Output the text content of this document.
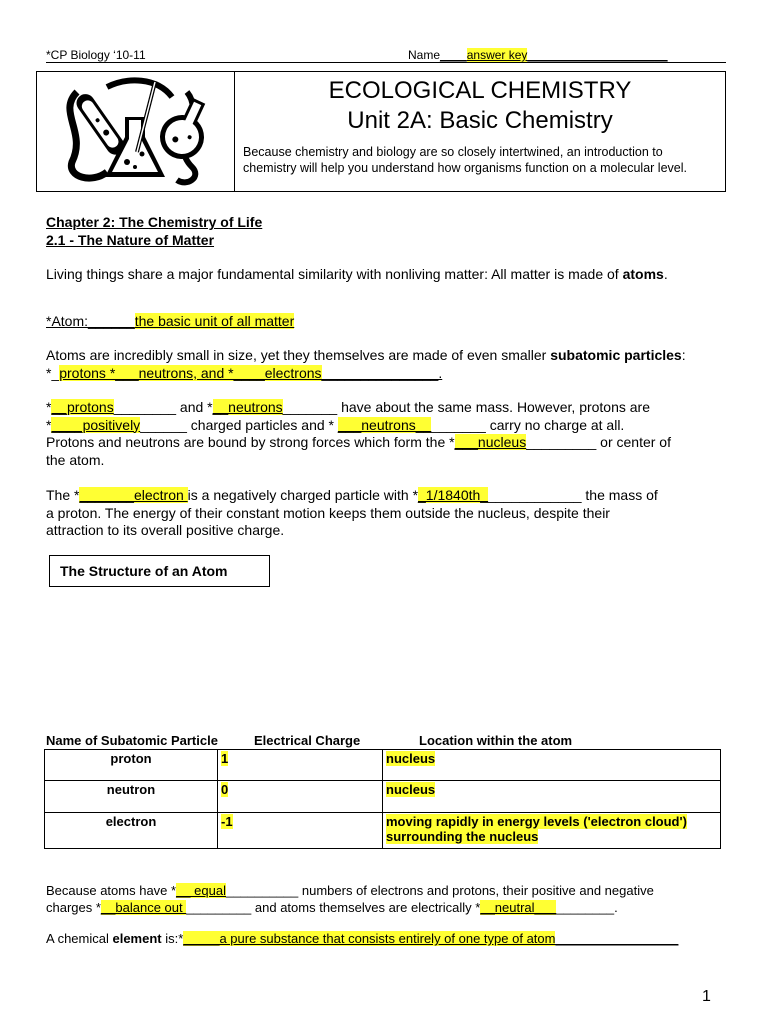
*CP Biology ‘10-11	Name____answer key_____________________
ECOLOGICAL CHEMISTRY
Unit 2A: Basic Chemistry
Because chemistry and biology are so closely intertwined, an introduction to chemistry will help you understand how organisms function on a molecular level.
Chapter 2: The Chemistry of Life
2.1 - The Nature of Matter
Living things share a major fundamental similarity with nonliving matter: All matter is made of atoms.
*Atom:______the basic unit of all matter
Atoms are incredibly small in size, yet they themselves are made of even smaller subatomic particles: *_protons *___neutrons, and *____electrons_______________.
*__protons________ and *__neutrons_______ have about the same mass. However, protons are
*____positively______ charged particles and * ___neutrons_________ carry no charge at all.
Protons and neutrons are bound by strong forces which form the *___nucleus_________ or center of
the atom.
The *_______electron is a negatively charged particle with *_1/1840th_____________ the mass of
a proton. The energy of their constant motion keeps them outside the nucleus, despite their
attraction to its overall positive charge.
The Structure of an Atom
Name of Subatomic Particle	Electrical Charge	Location within the atom
proton	1	nucleus
neutron	0	nucleus
electron	-1	moving rapidly in energy levels ('electron cloud') surrounding the nucleus
Because atoms have *__ equal__________ numbers of electrons and protons, their positive and negative
charges *__balance out _________ and atoms themselves are electrically *__neutral___________.
A chemical element is:*_____a pure substance that consists entirely of one type of atom_________________
1
